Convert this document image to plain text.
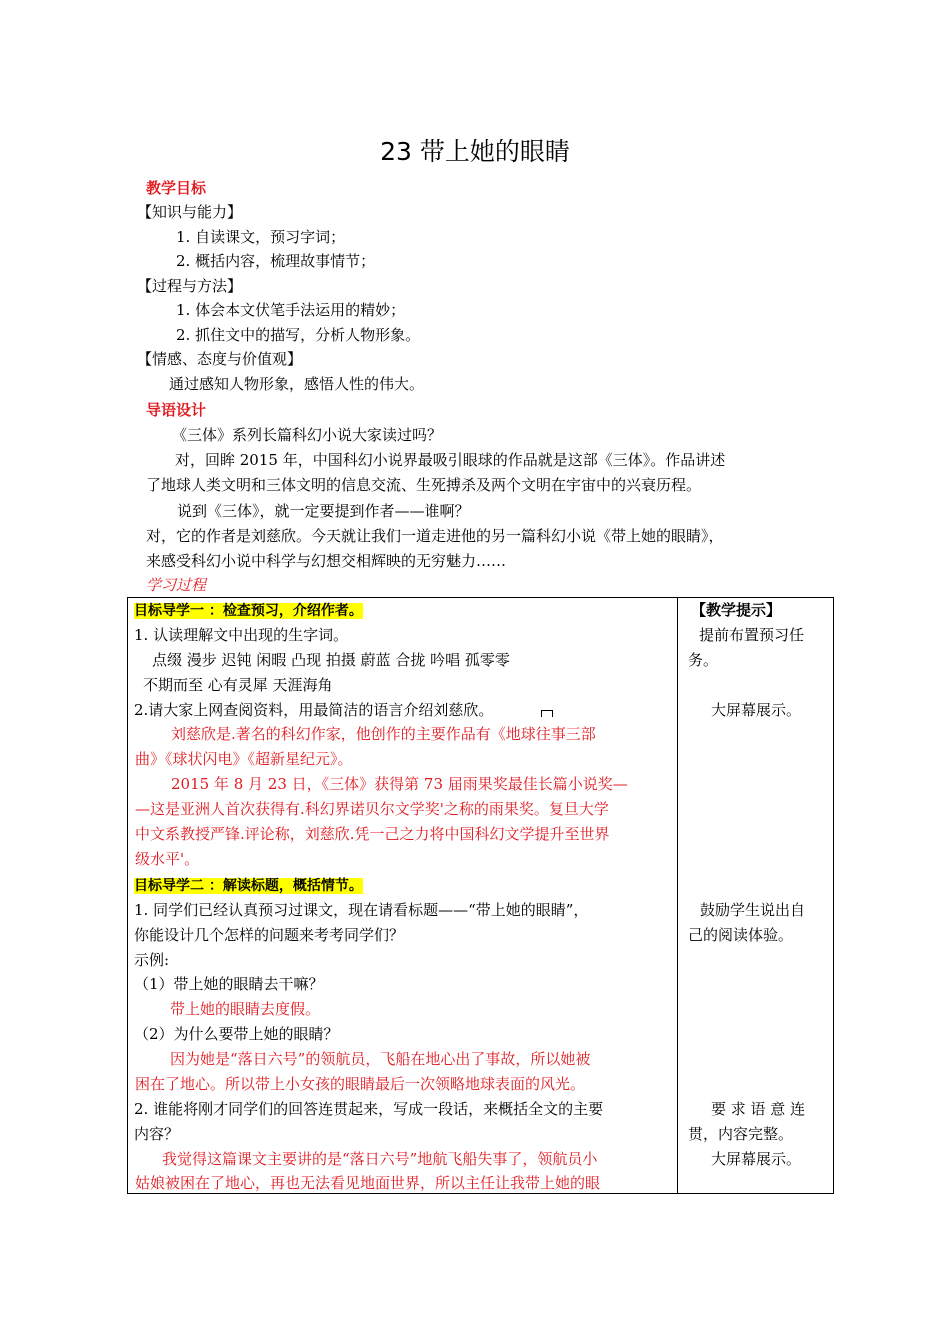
23 带上她的眼睛
教学目标
【知识与能力】
1. 自读课文，预习字词；
2. 概括内容，梳理故事情节；
【过程与方法】
1. 体会本文伏笔手法运用的精妙；
2. 抓住文中的描写，分析人物形象。
【情感、态度与价值观】
通过感知人物形象，感悟人性的伟大。
导语设计
《三体》系列长篇科幻小说大家读过吗？
对，回眸 2015 年，中国科幻小说界最吸引眼球的作品就是这部《三体》。作品讲述
了地球人类文明和三体文明的信息交流、生死搏杀及两个文明在宇宙中的兴衰历程。
说到《三体》，就一定要提到作者——谁啊？
对，它的作者是刘慈欣。今天就让我们一道走进他的另一篇科幻小说《带上她的眼睛》，
来感受科幻小说中科学与幻想交相辉映的无穷魅力……
学习过程
目标导学一 ：检查预习，介绍作者。
1. 认读理解文中出现的生字词。
点缀 漫步 迟钝 闲暇 凸现 拍摄 蔚蓝 合拢 吟唱 孤零零
不期而至 心有灵犀 天涯海角
2.请大家上网查阅资料，用最简洁的语言介绍刘慈欣。
刘慈欣是.著名的科幻作家，他创作的主要作品有《地球往事三部
曲》《球状闪电》《超新星纪元》。
2015 年 8 月 23 日，《三体》获得第 73 届雨果奖最佳长篇小说奖—
—这是亚洲人首次获得有.科幻界诺贝尔文学奖'之称的雨果奖。复旦大学
中文系教授严锋.评论称，刘慈欣.凭一己之力将中国科幻文学提升至世界
级水平'。
目标导学二 ：解读标题，概括情节。
1. 同学们已经认真预习过课文，现在请看标题——“带上她的眼睛”，
你能设计几个怎样的问题来考考同学们？
示例:
（1）带上她的眼睛去干嘛？
带上她的眼睛去度假。
（2）为什么要带上她的眼睛？
因为她是“落日六号”的领航员，飞船在地心出了事故，所以她被
困在了地心。所以带上小女孩的眼睛最后一次领略地球表面的风光。
2. 谁能将刚才同学们的回答连贯起来，写成一段话，来概括全文的主要
内容？
我觉得这篇课文主要讲的是“落日六号”地航飞船失事了，领航员小
姑娘被困在了地心，再也无法看见地面世界，所以主任让我带上她的眼
【教学提示】
提前布置预习任
务。
大屏幕展示。
鼓励学生说出自
己的阅读体验。
要 求 语 意 连
贯，内容完整。
大屏幕展示。
